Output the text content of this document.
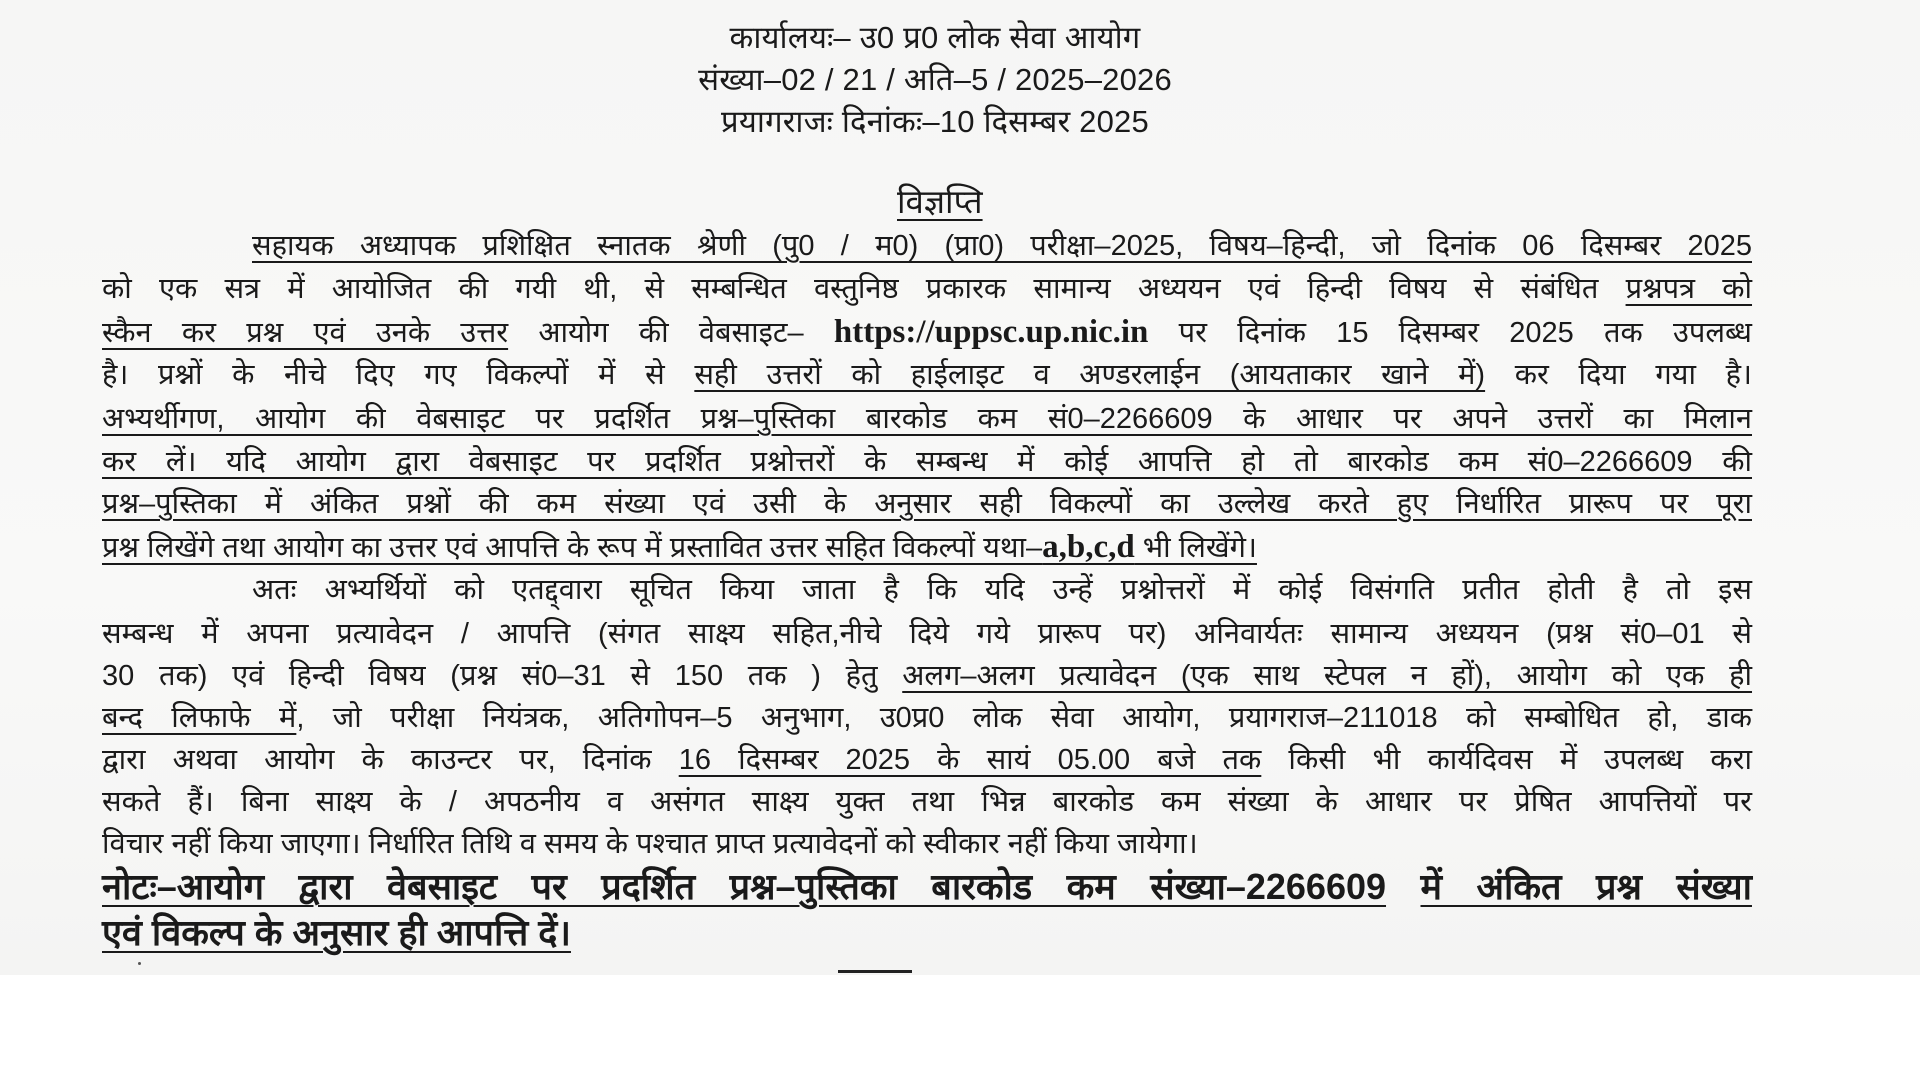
कार्यालयः– उ0 प्र0 लोक सेवा आयोग
संख्या–02 / 21 / अति–5 / 2025–2026
प्रयागराजः दिनांकः–10 दिसम्बर 2025
विज्ञप्ति
सहायक अध्यापक प्रशिक्षित स्नातक श्रेणी (पु0 / म0) (प्रा0) परीक्षा–2025, विषय–हिन्दी, जो दिनांक 06 दिसम्बर 2025
को एक सत्र में आयोजित की गयी थी, से सम्बन्धित वस्तुनिष्ठ प्रकारक सामान्य अध्ययन एवं हिन्दी विषय से संबंधित प्रश्नपत्र को
स्कैन कर प्रश्न एवं उनके उत्तर आयोग की वेबसाइट– https://uppsc.up.nic.in पर दिनांक 15 दिसम्बर 2025 तक उपलब्ध
है। प्रश्नों के नीचे दिए गए विकल्पों में से सही उत्तरों को हाईलाइट व अण्डरलाईन (आयताकार खाने में) कर दिया गया है।
अभ्यर्थीगण, आयोग की वेबसाइट पर प्रदर्शित प्रश्न–पुस्तिका बारकोड कम सं0–2266609 के आधार पर अपने उत्तरों का मिलान
कर लें। यदि आयोग द्वारा वेबसाइट पर प्रदर्शित प्रश्नोत्तरों के सम्बन्ध में कोई आपत्ति हो तो बारकोड कम सं0–2266609 की
प्रश्न–पुस्तिका में अंकित प्रश्नों की कम संख्या एवं उसी के अनुसार सही विकल्पों का उल्लेख करते हुए निर्धारित प्रारूप पर पूरा
प्रश्न लिखेंगे तथा आयोग का उत्तर एवं आपत्ति के रूप में प्रस्तावित उत्तर सहित विकल्पों यथा–a,b,c,d भी लिखेंगे।
अतः अभ्यर्थियों को एतद्द्वारा सूचित किया जाता है कि यदि उन्हें प्रश्नोत्तरों में कोई विसंगति प्रतीत होती है तो इस
सम्बन्ध में अपना प्रत्यावेदन / आपत्ति (संगत साक्ष्य सहित,नीचे दिये गये प्रारूप पर) अनिवार्यतः सामान्य अध्ययन (प्रश्न सं0–01 से
30 तक) एवं हिन्दी विषय (प्रश्न सं0–31 से 150 तक ) हेतु अलग–अलग प्रत्यावेदन (एक साथ स्टेपल न हों), आयोग को एक ही
बन्द लिफाफे में, जो परीक्षा नियंत्रक, अतिगोपन–5 अनुभाग, उ0प्र0 लोक सेवा आयोग, प्रयागराज–211018 को सम्बोधित हो, डाक
द्वारा अथवा आयोग के काउन्टर पर, दिनांक 16 दिसम्बर 2025 के सायं 05.00 बजे तक किसी भी कार्यदिवस में उपलब्ध करा
सकते हैं। बिना साक्ष्य के / अपठनीय व असंगत साक्ष्य युक्त तथा भिन्न बारकोड कम संख्या के आधार पर प्रेषित आपत्तियों पर
विचार नहीं किया जाएगा। निर्धारित तिथि व समय के पश्चात प्राप्त प्रत्यावेदनों को स्वीकार नहीं किया जायेगा।
नोटः–आयोग द्वारा वेबसाइट पर प्रदर्शित प्रश्न–पुस्तिका बारकोड कम संख्या–2266609 में अंकित प्रश्न संख्या
एवं विकल्प के अनुसार ही आपत्ति दें।
